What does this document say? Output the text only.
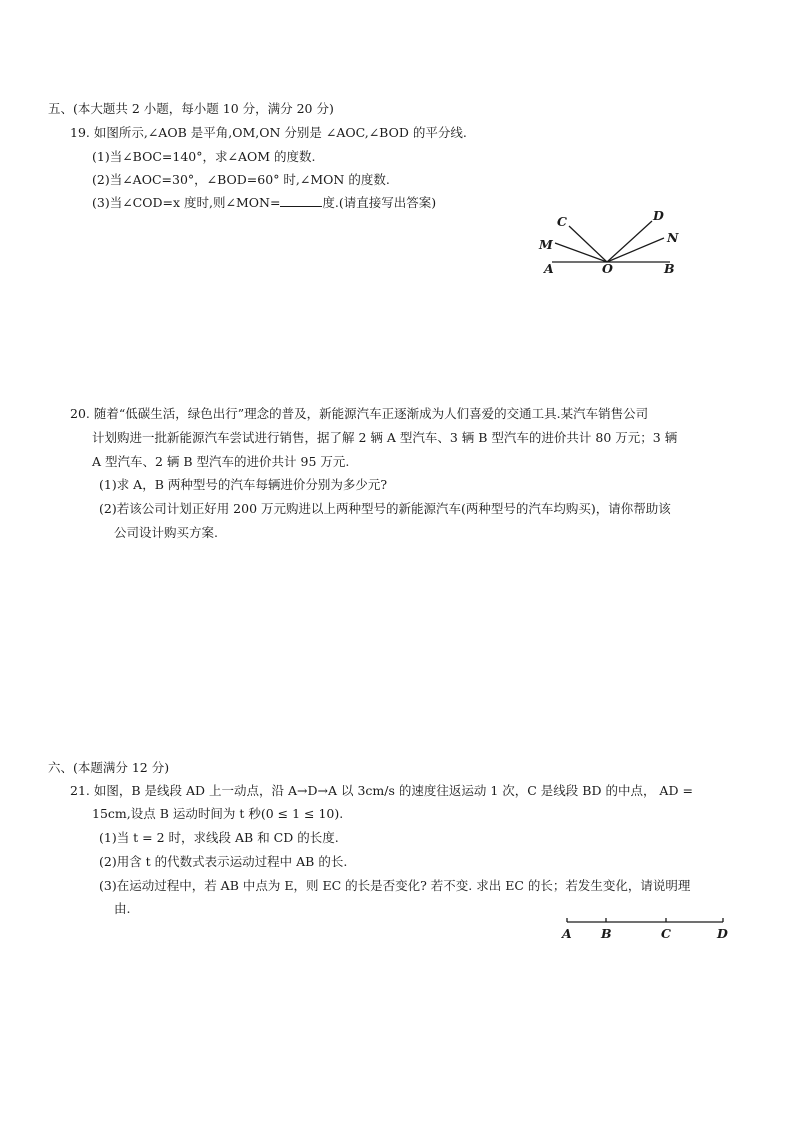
五、(本大题共 2 小题，每小题 10 分，满分 20 分)
19. 如图所示,∠AOB 是平角,OM,ON 分别是 ∠AOC,∠BOD 的平分线.
(1)当∠BOC=140°，求∠AOM 的度数.
(2)当∠AOC=30°，∠BOD=60° 时,∠MON 的度数.
(3)当∠COD=x 度时,则∠MON=	度.(请直接写出答案)
C
M
A	O	B
D
N
20. 随着“低碳生活，绿色出行”理念的普及，新能源汽车正逐渐成为人们喜爱的交通工具.某汽车销售公司
计划购进一批新能源汽车尝试进行销售，据了解 2 辆 A 型汽车、3 辆 B 型汽车的进价共计 80 万元；3 辆
A 型汽车、2 辆 B 型汽车的进价共计 95 万元.
(1)求 A，B 两种型号的汽车每辆进价分别为多少元?
(2)若该公司计划正好用 200 万元购进以上两种型号的新能源汽车(两种型号的汽车均购买)，请你帮助该
公司设计购买方案.
六、(本题满分 12 分)
21. 如图，B 是线段 AD 上一动点，沿 A→D→A 以 3cm/s 的速度往返运动 1 次，C 是线段 BD 的中点， AD =
15cm,设点 B 运动时间为 t 秒(0 ≤ 1 ≤ 10).
(1)当 t = 2 时，求线段 AB 和 CD 的长度.
(2)用含 t 的代数式表示运动过程中 AB 的长.
(3)在运动过程中，若 AB 中点为 E，则 EC 的长是否变化? 若不变. 求出 EC 的长；若发生变化，请说明理
由.
A B	C	D
